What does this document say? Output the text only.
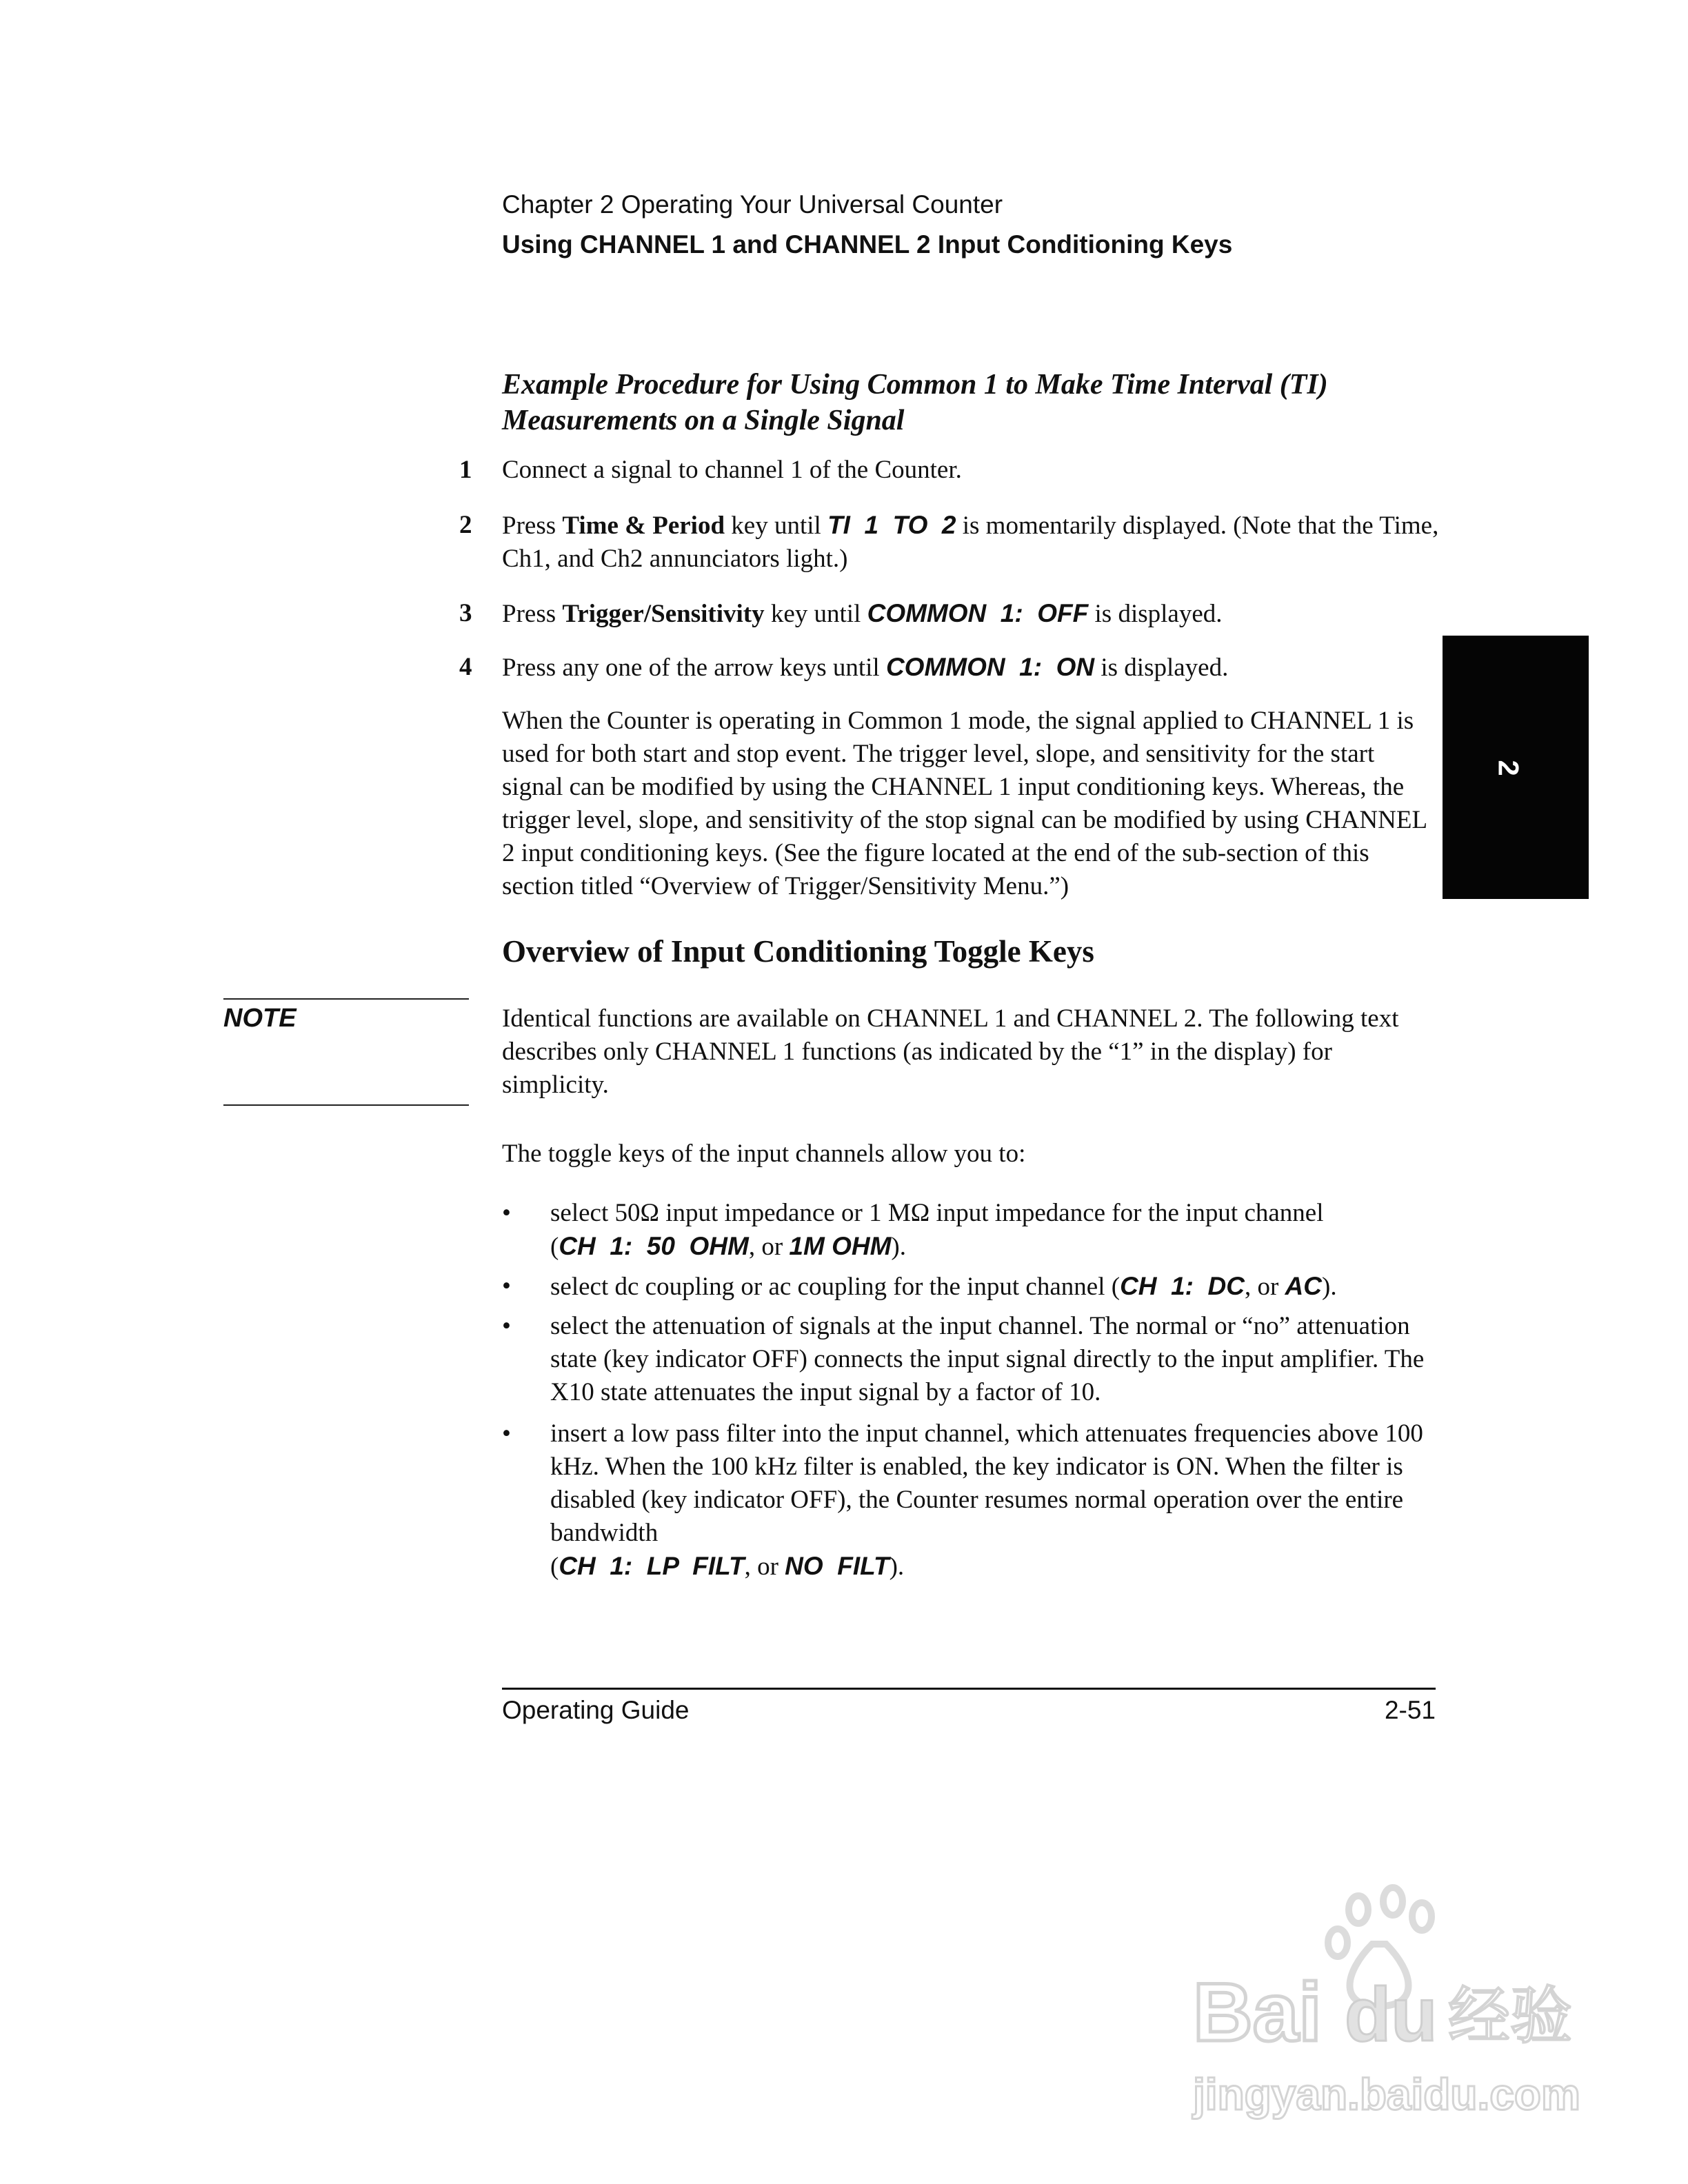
Chapter 2 Operating Your Universal Counter
Using CHANNEL 1 and CHANNEL 2 Input Conditioning Keys
Example Procedure for Using Common 1 to Make Time Interval (TI)
Measurements on a Single Signal
1 Connect a signal to channel 1 of the Counter.
2 Press Time & Period key until TI  1  TO  2 is momentarily displayed. (Note that the Time, Ch1, and Ch2 annunciators light.)
3 Press Trigger/Sensitivity key until COMMON  1:  OFF is displayed.
4 Press any one of the arrow keys until COMMON  1:  ON is displayed.
When the Counter is operating in Common 1 mode, the signal applied to CHANNEL 1 is used for both start and stop event. The trigger level, slope, and sensitivity for the start signal can be modified by using the CHANNEL 1 input conditioning keys. Whereas, the trigger level, slope, and sensitivity of the stop signal can be modified by using CHANNEL 2 input conditioning keys. (See the figure located at the end of the sub-section of this section titled “Overview of Trigger/Sensitivity Menu.”)
Overview of Input Conditioning Toggle Keys
NOTE	Identical functions are available on CHANNEL 1 and CHANNEL 2. The following text describes only CHANNEL 1 functions (as indicated by the “1” in the display) for simplicity.
The toggle keys of the input channels allow you to:
• select 50Ω input impedance or 1 MΩ input impedance for the input channel (CH  1:  50  OHM, or 1M OHM).
• select dc coupling or ac coupling for the input channel (CH  1:  DC, or AC).
• select the attenuation of signals at the input channel. The normal or “no” attenuation state (key indicator OFF) connects the input signal directly to the input amplifier. The X10 state attenuates the input signal by a factor of 10.
• insert a low pass filter into the input channel, which attenuates frequencies above 100 kHz. When the 100 kHz filter is enabled, the key indicator is ON. When the filter is disabled (key indicator OFF), the Counter resumes normal operation over the entire bandwidth
(CH  1:  LP  FILT, or NO  FILT).
2
Operating Guide	2-51
Bai du 经验
jingyan.baidu.com
